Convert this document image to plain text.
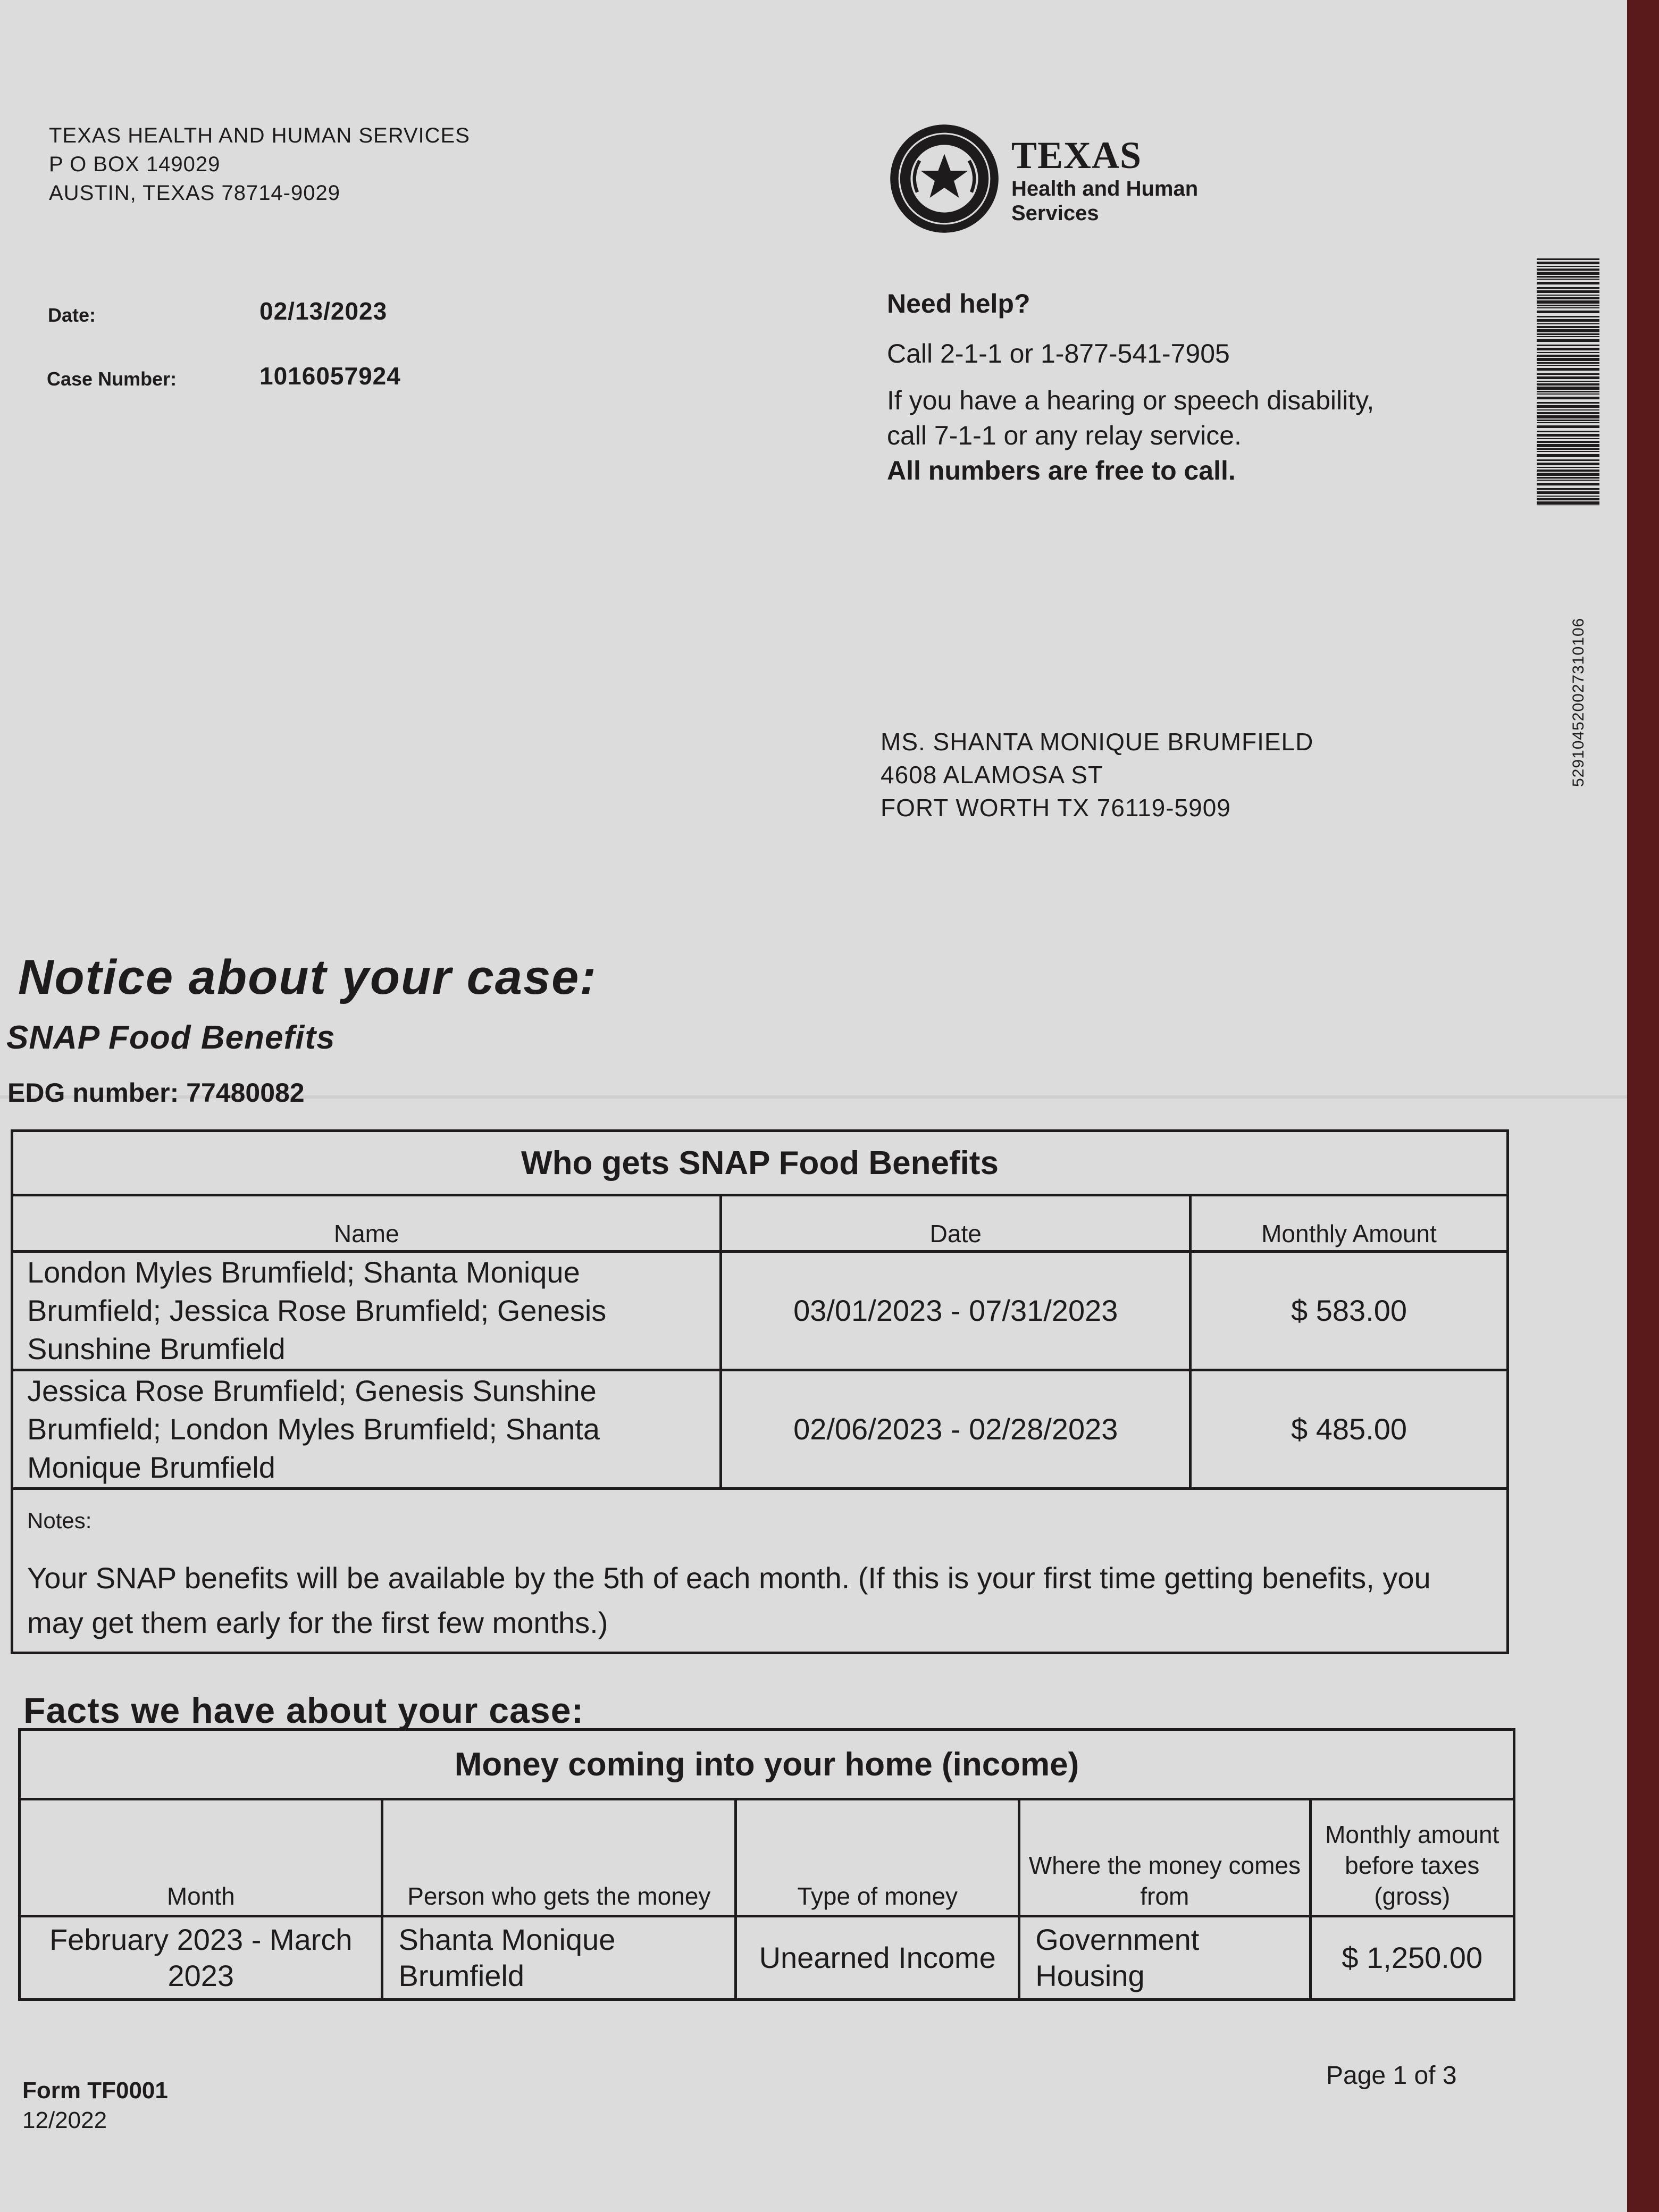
TEXAS HEALTH AND HUMAN SERVICES
P O BOX 149029
AUSTIN, TEXAS 78714-9029
TEXAS
Health and Human
Services
Date:	02/13/2023
Case Number:	1016057924
Need help?
Call 2-1-1 or 1-877-541-7905
If you have a hearing or speech disability,
call 7-1-1 or any relay service.
All numbers are free to call.
5291045200273101​06
MS. SHANTA MONIQUE BRUMFIELD
4608 ALAMOSA ST
FORT WORTH TX 76119-5909
Notice about your case:
SNAP Food Benefits
EDG number: 77480082
Who gets SNAP Food Benefits		
Name	Date	Monthly Amount
London Myles Brumfield; Shanta Monique Brumfield; Jessica Rose Brumfield; Genesis Sunshine Brumfield	03/01/2023 - 07/31/2023	$ 583.00
Jessica Rose Brumfield; Genesis Sunshine Brumfield; London Myles Brumfield; Shanta Monique Brumfield	02/06/2023 - 02/28/2023	$ 485.00

Notes:
Your SNAP benefits will be available by the 5th of each month. (If this is your first time getting benefits, you may get them early for the first few months.)		
Facts we have about your case:
Money coming into your home (income)				
Month	Person who gets the money	Type of money	Where the money comes from	Monthly amount before taxes (gross)
February 2023 - March 2023	Shanta Monique Brumfield	Unearned Income	Government Housing	$ 1,250.00
Form TF0001
12/2022
Page 1 of 3
